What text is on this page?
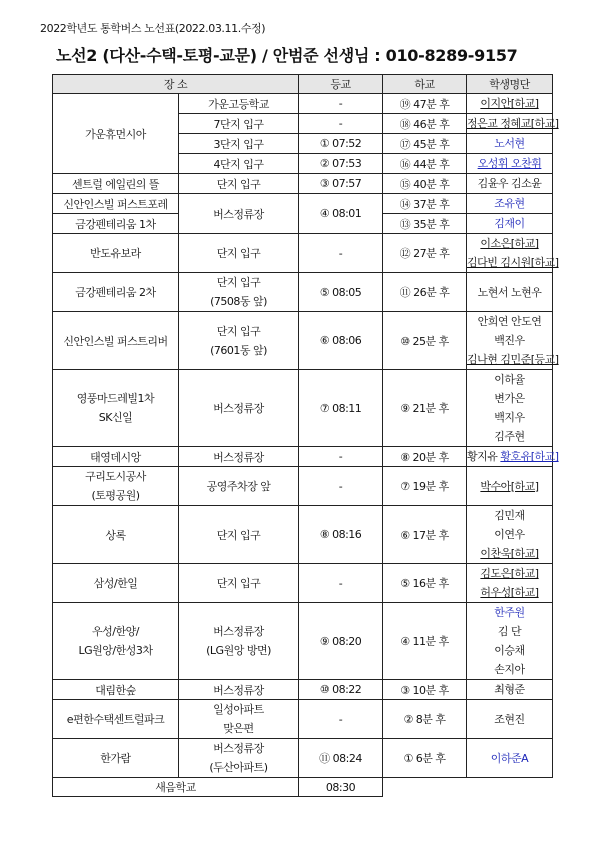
2022학년도 통학버스 노선표(2022.03.11.수정)
노선2 (다산-수택-토평-교문) / 안범준 선생님 : 010-8289-9157
장 소		등교	하교	학생명단
가운휴먼시아	가운고등학교	-	⑲ 47분 후	이지안[하교]

	7단지 입구	-	⑱ 46분 후	정은교 정혜교[하교]

	3단지 입구	① 07:52	⑰ 45분 후	노서현

	4단지 입구	② 07:53	⑯ 44분 후	오성휘 오찬휘

센트럴 에일린의 뜰	단지 입구	③ 07:57	⑮ 40분 후	김윤우 김소윤

신안인스빌 퍼스트포레	버스정류장	④ 08:01	⑭ 37분 후	조유현

금강펜테리움 1차			⑬ 35분 후	김재이

반도유보라	단지 입구	-	⑫ 27분 후	이소은[하교]
김다빈 김시원[하교]

금강펜테리움 2차	단지 입구
(7508동 앞)	⑤ 08:05	⑪ 26분 후	노현서 노현우

신안인스빌 퍼스트리버	단지 입구
(7601동 앞)	⑥ 08:06	⑩ 25분 후	안희연 안도연
백진우
김나현 김민준[등교]

영풍마드레빌1차
SK신일	버스정류장	⑦ 08:11	⑨ 21분 후	이하율
변가은
백지우
김주현

태영데시앙	버스정류장	-	⑧ 20분 후	황지유 황호유[하교]

구리도시공사
(토평공원)	공영주차장 앞	-	⑦ 19분 후	박수아[하교]

상록	단지 입구	⑧ 08:16	⑥ 17분 후	김민재
이연우
이찬욱[하교]

삼성/한일	단지 입구	-	⑤ 16분 후	김도은[하교]
허우성[하교]

우성/한양/
LG원앙/한성3차	버스정류장
(LG원앙 방면)	⑨ 08:20	④ 11분 후	한주원
김 단
이승채
손지아

대림한숲	버스정류장	⑩ 08:22	③ 10분 후	최형준

e편한수택센트럴파크	일성아파트
맞은편	-	② 8분 후	조현진

한가람	버스정류장
(두산아파트)	⑪ 08:24	① 6분 후	이하준A

새음학교		08:30		
